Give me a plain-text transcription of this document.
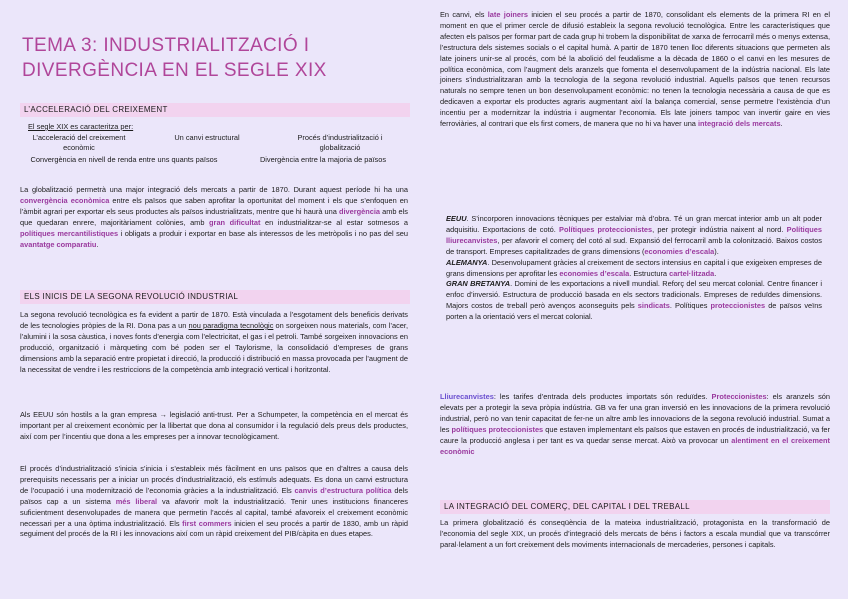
TEMA 3: INDUSTRIALITZACIÓ I
DIVERGÈNCIA EN EL SEGLE XIX
L’ACCELERACIÓ DEL CREIXEMENT
El segle XIX es caracteritza per:
L’acceleració del creixement econòmic
Un canvi estructural	Procés d’industrialització i globalització
Convergència en nivell de renda entre uns quants països	Divergència entre la majoria de països

La globalització permetrà una major integració dels mercats a partir de 1870. Durant aquest període hi ha una convergència econòmica entre els països que saben aprofitar la oportunitat del moment i els que s’enfoquen en l’àmbit agrari per exportar els seus productes als països industrialitzats, mentre que hi haurà una divergència amb els que quedaran enrere, majoritàriament colònies, amb gran dificultat en industrialitzar-se al estar sotmesos a polítiques mercantilistiques i obligats a produir i exportar en base als interessos de les metròpolis i no pas del seu avantatge comparatiu.

ELS INICIS DE LA SEGONA REVOLUCIÓ INDUSTRIAL

La segona revolució tecnològica es fa evident a partir de 1870. Està vinculada a l’esgotament dels beneficis derivats de les tecnologies pròpies de la RI. Dona pas a un nou paradigma tecnològic on sorgeixen nous materials, com l’acer, l’alumini i la sosa càustica, i noves fonts d’energia com l’electricitat, el gas i el petroli. També sorgeixen innovacions en producció, organització i màrqueting com bé poden ser el Taylorisme, la consolidació d’empreses de grans dimensions amb la separació entre propietat i direcció, la producció i distribució en massa provocada per l’augment de la necessitat de vendre i les restriccions de la competència amb integració vertical i horitzontal.

Als EEUU són hostils a la gran empresa → legislació anti-trust. Per a Schumpeter, la competència en el mercat és important per al creixement econòmic per la llibertat que dona al consumidor i la regulació dels preus dels productes, així com per l’incentiu que dona a les empreses per a innovar tecnològicament.

El procés d’industrialització s’inicia s’inicia i s’estableix més fàcilment en uns països que en d’altres a causa dels prerequisits necessaris per a iniciar un procés d’industrialització, els estímuls adequats. Es dona un canvi estructura de l’ocupació i una modernització de l’economia gràcies a la industrialització. Els canvis d’estructura política dels països cap a un sistema més liberal va afavorir molt la industrialització. Tenir unes institucions financeres suficientment desenvolupades de manera que permetin l’accés al capital, també afavoreix el creixement econòmic necessari per a una òptima industrialització. Els first commers inicien el seu procés a partir de 1830, amb un ràpid seguiment del procés de la RI i les innovacions així com un ràpid creixement del PIB/càpita en dues etapes.

En canvi, els late joiners inicien el seu procés a partir de 1870, consolidant els elements de la primera RI en el moment en que el primer cercle de difusió estableix la segona revolució tecnològica. Entre les característiques que afecten els països per formar part de cada grup hi trobem la disponibilitat de xarxa de ferrocarril més o menys extensa, l’estructura dels sistemes socials o el capital humà. A partir de 1870 tenen lloc diferents situacions que permeten als late joiners unir-se al procés, com bé la abolició del feudalisme a la dècada de 1860 o el canvi en les mesures de política econòmica, com l’augment dels aranzels que fomenta el desenvolupament de la indústria nacional. Els late joiners s’industrialitzaran amb la tecnologia de la segona revolució industrial. Aquells països que tenen recursos naturals no sempre tenen un bon desenvolupament econòmic: no tenen la tecnologia necessària a causa de que es dedicaven a exportar els productes agraris augmentant així la balança comercial, sense permetre l’existència d’un incentiu per a modernitzar la indústria i augmentar l’economia. Els late joiners tampoc van invertir gaire en vies ferroviàries, al contrari que els first comers, de manera que no hi va haver una integració dels mercats.

EEUU. S’incorporen innovacions tècniques per estalviar mà d’obra. Té un gran mercat interior amb un alt poder adquisitiu. Exportacions de cotó. Polítiques proteccionistes, per protegir indústria naixent al nord. Polítiques lliurecanvistes, per afavorir el comerç del cotó al sud. Expansió del ferrocarril amb la colonització. Baixos costos de transport. Empreses capitalitzades de grans dimensions (economies d’escala).
ALEMANYA. Desenvolupament gràcies al creixement de sectors intensius en capital i que exigeixen empreses de grans dimensions per aprofitar les economies d’escala. Estructura cartel·litzada.
GRAN BRETANYA. Domini de les exportacions a nivell mundial. Reforç del seu mercat colonial. Centre financer i enfoc d’inversió. Estructura de producció basada en els sectors tradicionals. Empreses de reduïdes dimensions. Majors costos de treball però avenços aconseguits pels sindicats. Polítiques proteccionistes de països veïns porten a la orientació vers el mercat colonial.

Lliurecanvistes: les tarifes d’entrada dels productes importats són reduïdes. Proteccionistes: els aranzels són elevats per a protegir la seva pròpia indústria. GB va fer una gran inversió en les innovacions de la primera revolució industrial, però no van tenir capacitat de fer-ne un altre amb les innovacions de la segona revolució industrial. Sumat a les polítiques proteccionistes que estaven implementant els països que estaven en procés de industrialització, va fer caure la producció anglesa i per tant es va quedar sense mercat. Això va provocar un alentiment en el creixement econòmic

LA INTEGRACIÓ DEL COMERÇ, DEL CAPITAL I DEL TREBALL

La primera globalització és conseqüència de la mateixa industrialització, protagonista en la transformació de l’economia del segle XIX, un procés d’integració dels mercats de béns i factors a escala mundial que va transcórrer paral·lelament a un fort creixement dels moviments internacionals de mercaderies, persones i capitals.
